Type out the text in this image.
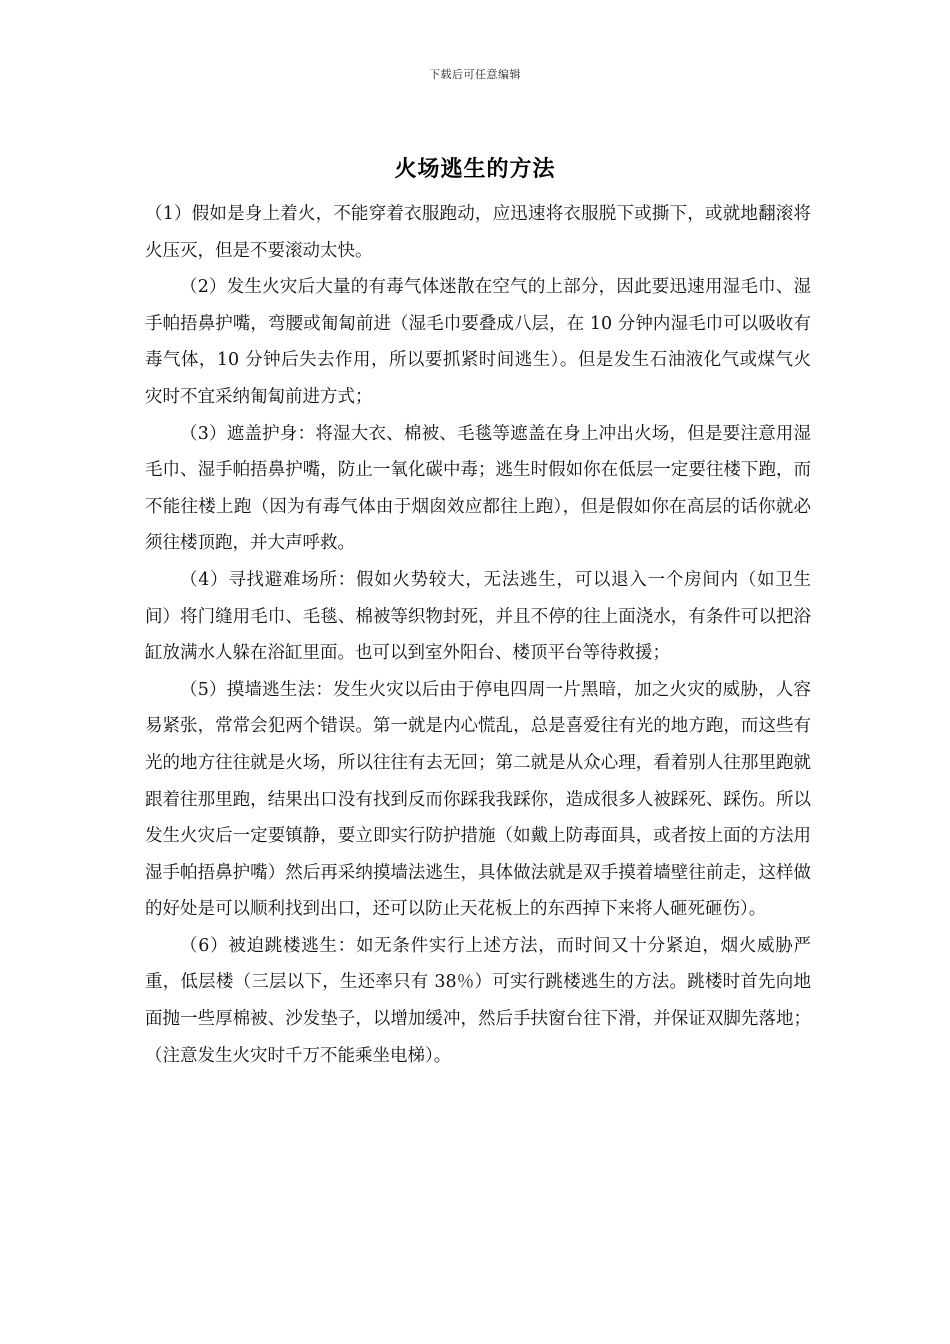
下载后可任意编辑
火场逃生的方法

（1）假如是身上着火，不能穿着衣服跑动，应迅速将衣服脱下或撕下，或就地翻滚将火压灭，但是不要滚动太快。

（2）发生火灾后大量的有毒气体迷散在空气的上部分，因此要迅速用湿毛巾、湿手帕捂鼻护嘴，弯腰或匍匐前进（湿毛巾要叠成八层，在 10 分钟内湿毛巾可以吸收有毒气体，10 分钟后失去作用，所以要抓紧时间逃生）。但是发生石油液化气或煤气火灾时不宜采纳匍匐前进方式；

（3）遮盖护身：将湿大衣、棉被、毛毯等遮盖在身上冲出火场，但是要注意用湿毛巾、湿手帕捂鼻护嘴，防止一氧化碳中毒；逃生时假如你在低层一定要往楼下跑，而不能往楼上跑（因为有毒气体由于烟囱效应都往上跑），但是假如你在高层的话你就必须往楼顶跑，并大声呼救。

（4）寻找避难场所：假如火势较大，无法逃生，可以退入一个房间内（如卫生间）将门缝用毛巾、毛毯、棉被等织物封死，并且不停的往上面浇水，有条件可以把浴缸放满水人躲在浴缸里面。也可以到室外阳台、楼顶平台等待救援；

（5）摸墙逃生法：发生火灾以后由于停电四周一片黑暗，加之火灾的威胁，人容易紧张，常常会犯两个错误。第一就是内心慌乱，总是喜爱往有光的地方跑，而这些有光的地方往往就是火场，所以往往有去无回；第二就是从众心理，看着别人往那里跑就跟着往那里跑，结果出口没有找到反而你踩我我踩你，造成很多人被踩死、踩伤。所以发生火灾后一定要镇静，要立即实行防护措施（如戴上防毒面具，或者按上面的方法用湿手帕捂鼻护嘴）然后再采纳摸墙法逃生，具体做法就是双手摸着墙壁往前走，这样做的好处是可以顺利找到出口，还可以防止天花板上的东西掉下来将人砸死砸伤）。

（6）被迫跳楼逃生：如无条件实行上述方法，而时间又十分紧迫，烟火威胁严重，低层楼（三层以下，生还率只有 38％）可实行跳楼逃生的方法。跳楼时首先向地面抛一些厚棉被、沙发垫子，以增加缓冲，然后手扶窗台往下滑，并保证双脚先落地；（注意发生火灾时千万不能乘坐电梯）。
